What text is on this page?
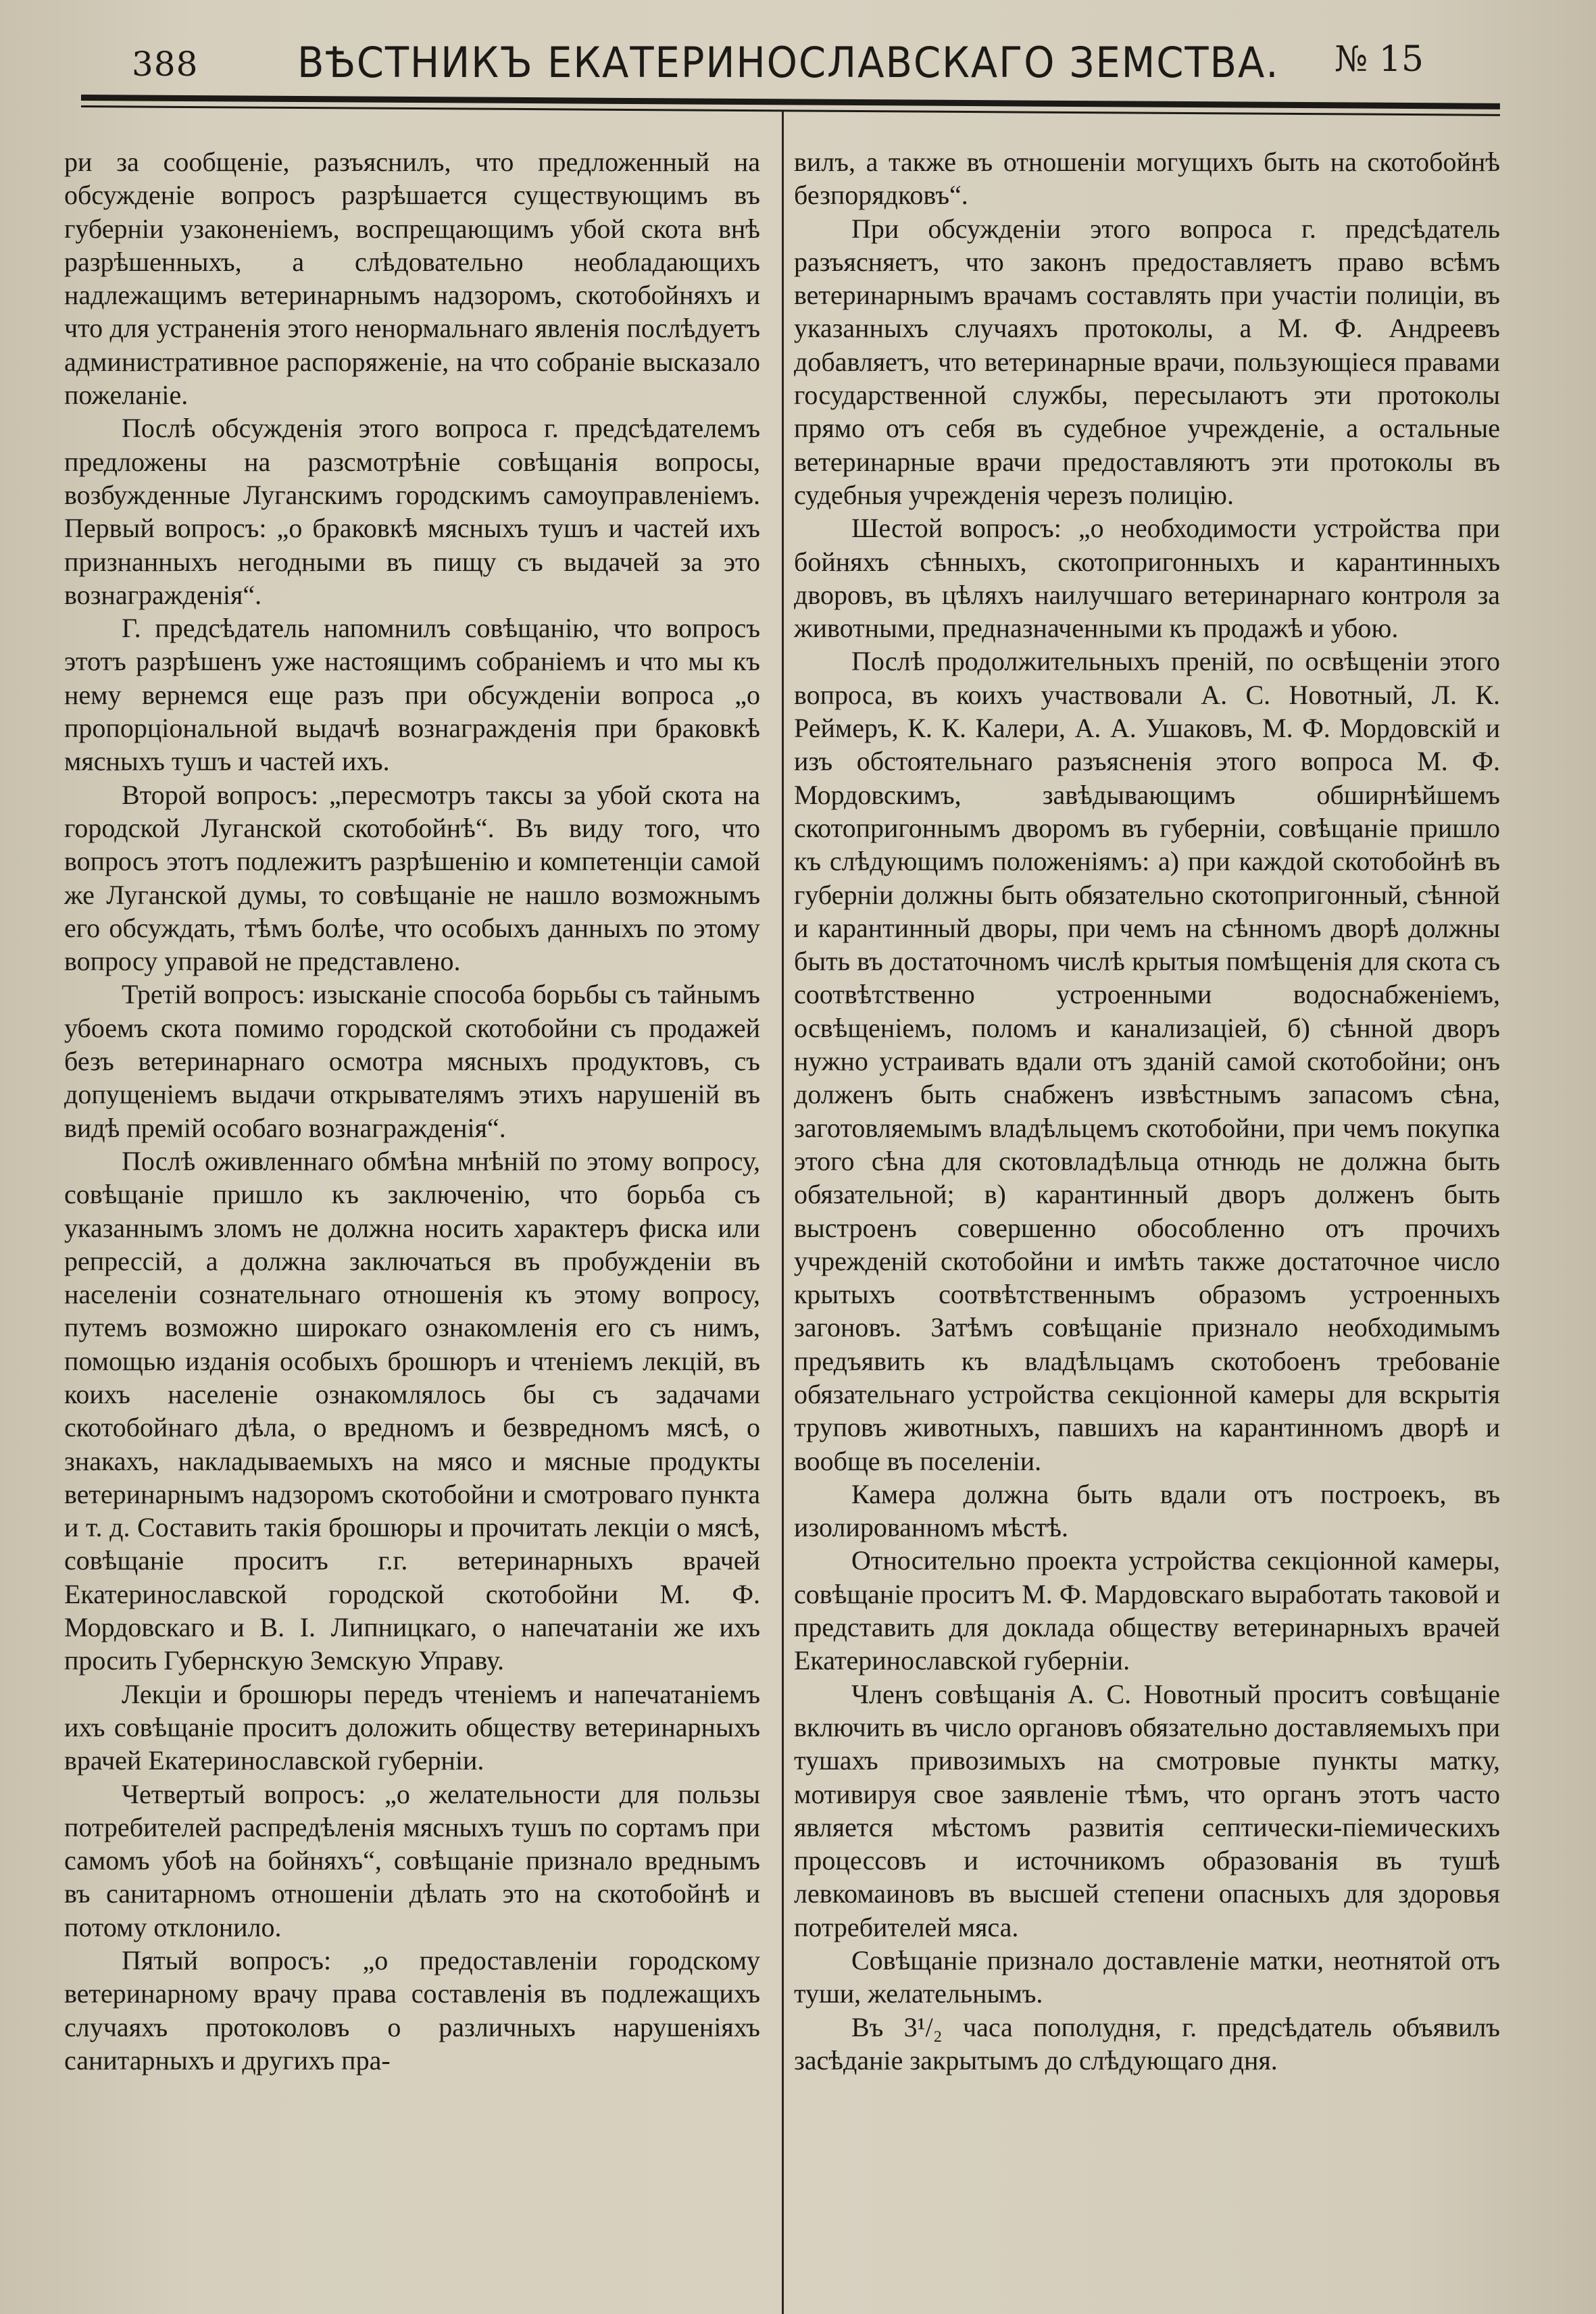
388 ВѢСТНИКЪ ЕКАТЕРИНОСЛАВСКАГО ЗЕМСТВА. № 15

ри за сообщеніе, разъяснилъ, что предложенный на обсужденіе вопросъ разрѣшается существующимъ въ губерніи узаконеніемъ, воспрещающимъ убой скота внѣ разрѣшенныхъ, а слѣдовательно необладающихъ надлежащимъ ветеринарнымъ надзоромъ, скотобойняхъ и что для устраненія этого ненормальнаго явленія послѣдуетъ административное распоряженіе, на что собраніе высказало пожеланіе.

Послѣ обсужденія этого вопроса г. предсѣдателемъ предложены на разсмотрѣніе совѣщанія вопросы, возбужденные Луганскимъ городскимъ самоуправленіемъ. Первый вопросъ: „о браковкѣ мясныхъ тушъ и частей ихъ признанныхъ негодными въ пищу съ выдачей за это вознагражденія“.

Г. предсѣдатель напомнилъ совѣщанію, что вопросъ этотъ разрѣшенъ уже настоящимъ собраніемъ и что мы къ нему вернемся еще разъ при обсужденіи вопроса „о пропорціональной выдачѣ вознагражденія при браковкѣ мясныхъ тушъ и частей ихъ.

Второй вопросъ: „пересмотръ таксы за убой скота на городской Луганской скотобойнѣ“. Въ виду того, что вопросъ этотъ подлежитъ разрѣшенію и компетенціи самой же Луганской думы, то совѣщаніе не нашло возможнымъ его обсуждать, тѣмъ болѣе, что особыхъ данныхъ по этому вопросу управой не представлено.

Третій вопросъ: изысканіе способа борьбы съ тайнымъ убоемъ скота помимо городской скотобойни съ продажей безъ ветеринарнаго осмотра мясныхъ продуктовъ, съ допущеніемъ выдачи открывателямъ этихъ нарушеній въ видѣ премій особаго вознагражденія“.

Послѣ оживленнаго обмѣна мнѣній по этому вопросу, совѣщаніе пришло къ заключенію, что борьба съ указаннымъ зломъ не должна носить характеръ фиска или репрессій, а должна заключаться въ пробужденіи въ населеніи сознательнаго отношенія къ этому вопросу, путемъ возможно широкаго ознакомленія его съ нимъ, помощью изданія особыхъ брошюръ и чтеніемъ лекцій, въ коихъ населеніе ознакомлялось бы съ задачами скотобойнаго дѣла, о вредномъ и безвредномъ мясѣ, о знакахъ, накладываемыхъ на мясо и мясные продукты ветеринарнымъ надзоромъ скотобойни и смотроваго пункта и т. д. Составить такія брошюры и прочитать лекціи о мясѣ, совѣщаніе проситъ г.г. ветеринарныхъ врачей Екатеринославской городской скотобойни М. Ф. Мордовскаго и В. І. Липницкаго, о напечатаніи же ихъ просить Губернскую Земскую Управу.

Лекціи и брошюры передъ чтеніемъ и напечатаніемъ ихъ совѣщаніе проситъ доложить обществу ветеринарныхъ врачей Екатеринославской губерніи.

Четвертый вопросъ: „о желательности для пользы потребителей распредѣленія мясныхъ тушъ по сортамъ при самомъ убоѣ на бойняхъ“, совѣщаніе признало вреднымъ въ санитарномъ отношеніи дѣлать это на скотобойнѣ и потому отклонило.

Пятый вопросъ: „о предоставленіи городскому ветеринарному врачу права составленія въ подлежащихъ случаяхъ протоколовъ о различныхъ нарушеніяхъ санитарныхъ и другихъ пра-

вилъ, а также въ отношеніи могущихъ быть на скотобойнѣ безпорядковъ“.

При обсужденіи этого вопроса г. предсѣдатель разъясняетъ, что законъ предоставляетъ право всѣмъ ветеринарнымъ врачамъ составлять при участіи полиціи, въ указанныхъ случаяхъ протоколы, а М. Ф. Андреевъ добавляетъ, что ветеринарные врачи, пользующіеся правами государственной службы, пересылаютъ эти протоколы прямо отъ себя въ судебное учрежденіе, а остальные ветеринарные врачи предоставляютъ эти протоколы въ судебныя учрежденія черезъ полицію.

Шестой вопросъ: „о необходимости устройства при бойняхъ сѣнныхъ, скотопригонныхъ и карантинныхъ дворовъ, въ цѣляхъ наилучшаго ветеринарнаго контроля за животными, предназначенными къ продажѣ и убою.

Послѣ продолжительныхъ преній, по освѣщеніи этого вопроса, въ коихъ участвовали А. С. Новотный, Л. К. Реймеръ, К. К. Калери, А. А. Ушаковъ, М. Ф. Мордовскій и изъ обстоятельнаго разъясненія этого вопроса М. Ф. Мордовскимъ, завѣдывающимъ обширнѣйшемъ скотопригоннымъ дворомъ въ губерніи, совѣщаніе пришло къ слѣдующимъ положеніямъ: а) при каждой скотобойнѣ въ губерніи должны быть обязательно скотопригонный, сѣнной и карантинный дворы, при чемъ на сѣнномъ дворѣ должны быть въ достаточномъ числѣ крытыя помѣщенія для скота съ соотвѣтственно устроенными водоснабженіемъ, освѣщеніемъ, поломъ и канализаціей, б) сѣнной дворъ нужно устраивать вдали отъ зданій самой скотобойни; онъ долженъ быть снабженъ извѣстнымъ запасомъ сѣна, заготовляемымъ владѣльцемъ скотобойни, при чемъ покупка этого сѣна для скотовладѣльца отнюдь не должна быть обязательной; в) карантинный дворъ долженъ быть выстроенъ совершенно обособленно отъ прочихъ учрежденій скотобойни и имѣть также достаточное число крытыхъ соотвѣтственнымъ образомъ устроенныхъ загоновъ. Затѣмъ совѣщаніе признало необходимымъ предъявить къ владѣльцамъ скотобоенъ требованіе обязательнаго устройства секціонной камеры для вскрытія труповъ животныхъ, павшихъ на карантинномъ дворѣ и вообще въ поселеніи.

Камера должна быть вдали отъ построекъ, въ изолированномъ мѣстѣ.

Относительно проекта устройства секціонной камеры, совѣщаніе проситъ М. Ф. Мардовскаго выработать таковой и представить для доклада обществу ветеринарныхъ врачей Екатеринославской губерніи.

Членъ совѣщанія А. С. Новотный проситъ совѣщаніе включить въ число органовъ обязательно доставляемыхъ при тушахъ привозимыхъ на смотровые пункты матку, мотивируя свое заявленіе тѣмъ, что органъ этотъ часто является мѣстомъ развитія септически-піемическихъ процессовъ и источникомъ образованія въ тушѣ левкомаиновъ въ высшей степени опасныхъ для здоровья потребителей мяса.

Совѣщаніе признало доставленіе матки, неотнятой отъ туши, желательнымъ.

Въ 3¹/₂ часа пополудня, г. предсѣдатель объявилъ засѣданіе закрытымъ до слѣдующаго дня.
